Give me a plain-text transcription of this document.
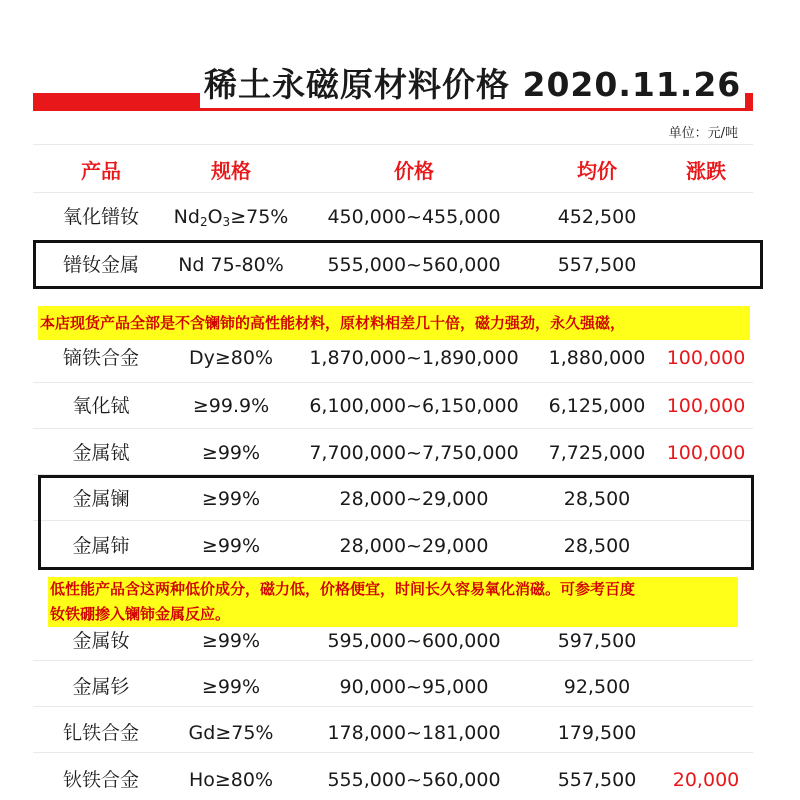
稀土永磁原材料价格 2020.11.26
单位：元/吨
产品	规格	价格	均价	涨跌
氧化镨钕 $Nd_2O_3\ge 75\%$ 450,000~455,000	452,500
镨钕金属 Nd 75-80% 555,000~560,000	557,500
镝铁合金	Dy≥80% 1,870,000~1,890,000 1,880,000 100,000
氧化铽	≥99.9% 6,100,000~6,150,000 6,125,000 100,000
金属铽	≥99%	7,700,000~7,750,000 7,725,000 100,000
金属镧	≥99%	28,000~29,000	28,500
金属铈	≥99%	28,000~29,000	28,500
金属钕	≥99%	595,000~600,000	597,500
金属钐	≥99%	90,000~95,000	92,500
钆铁合金	Gd≥75%	178,000~181,000	179,500
钬铁合金	Ho≥80%	555,000~560,000	557,500 20,000
本店现货产品全部是不含镧铈的高性能材料，原材料相差几十倍，磁力强劲，永久强磁，
低性能产品含这两种低价成分，磁力低，价格便宜，时间长久容易氧化消磁。可参考百度
钕铁硼掺入镧铈金属反应。
